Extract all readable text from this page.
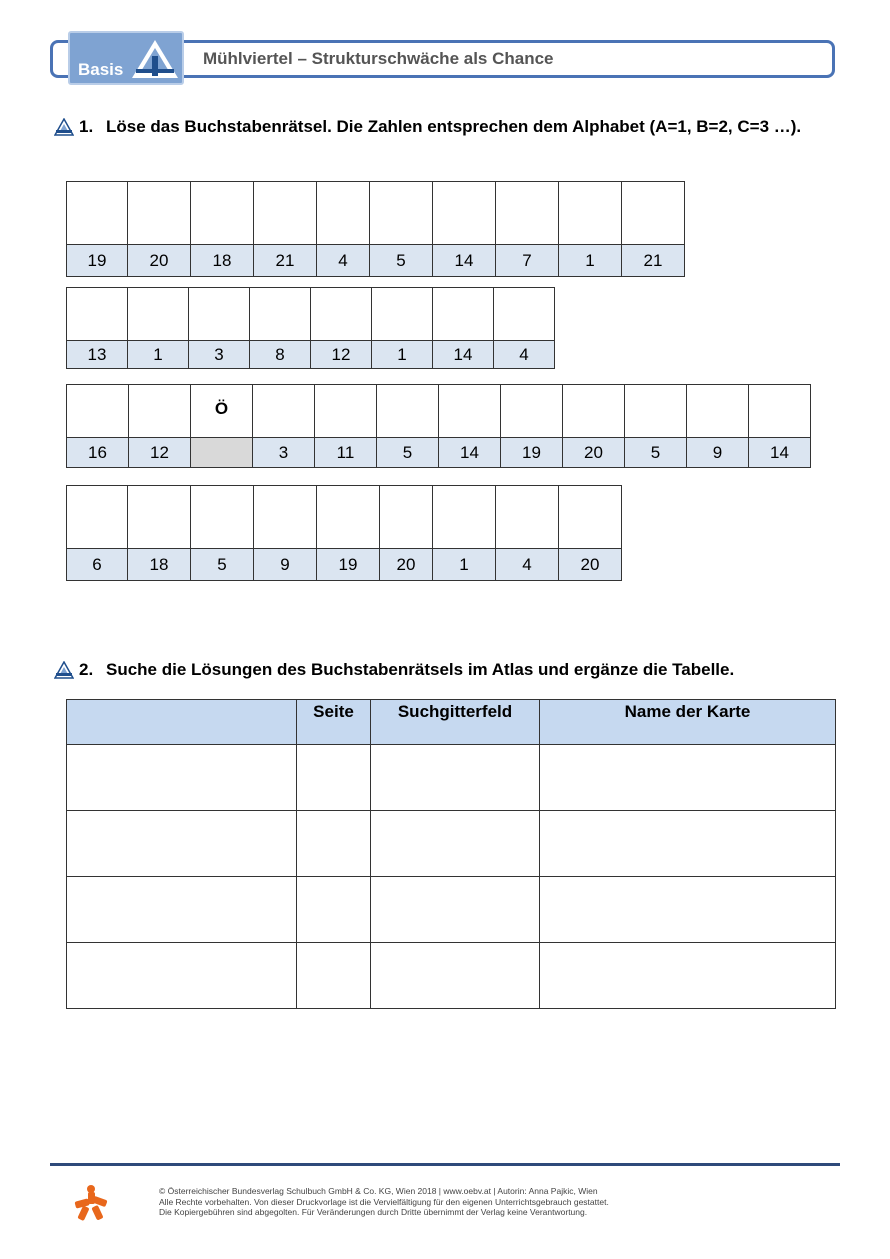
Basis
Mühlviertel – Strukturschwäche als Chance
1. Löse das Buchstabenrätsel. Die Zahlen entsprechen dem Alphabet (A=1, B=2, C=3 …).

19	20	18	21	4	5	14	7	1	21

13	1	3	8	12	1	14	4
		Ö									
16	12		3	11	5	14	19	20	5	9	14

6	18	5	9	19	20	1	4	20
2. Suche die Lösungen des Buchstabenrätsels im Atlas und ergänze die Tabelle.
	Seite	Suchgitterfeld	Name der Karte

© Österreichischer Bundesverlag Schulbuch GmbH & Co. KG, Wien 2018 | www.oebv.at | Autorin: Anna Pajkic, Wien
Alle Rechte vorbehalten. Von dieser Druckvorlage ist die Vervielfältigung für den eigenen Unterrichtsgebrauch gestattet.
Die Kopiergebühren sind abgegolten. Für Veränderungen durch Dritte übernimmt der Verlag keine Verantwortung.
